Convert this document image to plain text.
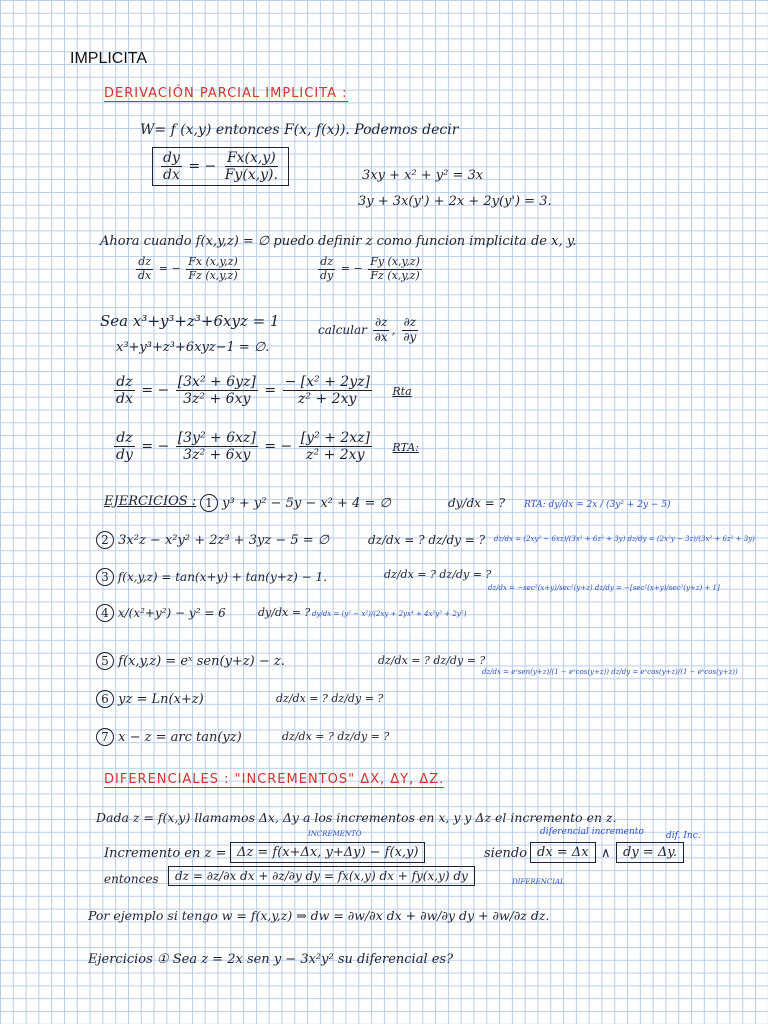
IMPLICITA
DERIVACIÓN PARCIAL IMPLICITA :
W= f (x,y) entonces F(x, f(x)). Podemos decir
$\frac{dy}{dx}$ = − $\frac{Fx(x,y)}{Fy(x,y).}$	3xy + x² + y² = 3x
3y + 3x(y') + 2x + 2y(y') = 3.
Ahora cuando f(x,y,z) = ∅ puedo definir z como funcion implicita de x, y.
$\frac{dz}{dx}$ = − $\frac{Fx (x,y,z)}{Fz (x,y,z)}$	$\frac{dz}{dy}$ = − $\frac{Fy (x,y,z)}{Fz (x,y,z)}$
Sea x³+y³+z³+6xyz = 1	calcular $\frac{\partial z}{\partial x}$ , $\frac{\partial z}{\partial y}$
x³+y³+z³+6xyz−1 = ∅.
$\frac{dz}{dx}$ = − $\frac{\text{[3x² + 6yz]}}{\text{3z² + 6xy}} = \frac{\text{− [x² + 2yz]}}{\text{z² + 2xy}}$ Rta
$\frac{dz}{dy}$ = − $\frac{\text{[3y² + 6xz]}}{\text{3z² + 6xy}}$ = − $\frac{\text{[y² + 2xz]}}{\text{z² + 2xy}}$ RTA:
EJERCICIOS : 1 y³ + y² − 5y − x² + 4 = ∅	dy/dx = ? RTA: dy/dx = 2x / (3y² + 2y − 5)
2 3x²z − x²y² + 2z³ + 3yz − 5 = ∅	dz/dx = ? dz/dy = ? dz/dx = (2xy² − 6xz)/(3x² + 6z² + 3y) dz/dy = (2x²y − 3z)/(3x² + 6z² + 3y)
3 f(x,y,z) = tan(x+y) + tan(y+z) − 1.	dz/dx = ? dz/dy = ?
dz/dx = −sec²(x+y)/sec²(y+z) dz/dy = −[sec²(x+y)/sec²(y+z) + 1]
4 x/(x²+y²) − y² = 6	dy/dx = ? dy/dx = (y² − x²)/(2xy + 2yx⁴ + 4x²y³ + 2y⁵)
5 f(x,y,z) = eˣ sen(y+z) − z.	dz/dx = ? dz/dy = ?
dz/dx = eˣsen(y+z)/(1 − eˣcos(y+z)) dz/dy = eˣcos(y+z)/(1 − eˣcos(y+z))
6 yz = Ln(x+z)	dz/dx = ? dz/dy = ?
7 x − z = arc tan(yz)	dz/dx = ? dz/dy = ?
DIFERENCIALES : "INCREMENTOS" ΔX, ΔY, ΔZ.
Dada z = f(x,y) llamamos Δx, Δy a los incrementos en x, y y Δz el incremento en z.
INCREMENTO	diferencial incremento dif. Inc.
Incremento en z = Δz = f(x+Δx, y+Δy) − f(x,y)	siendo dx = Δx ∧ dy = Δy.
entonces	dz = ∂z/∂x dx + ∂z/∂y dy = fx(x,y) dx + fy(x,y) dy	DIFERENCIAL
Por ejemplo si tengo w = f(x,y,z) ⇒ dw = ∂w/∂x dx + ∂w/∂y dy + ∂w/∂z dz.
Ejercicios ① Sea z = 2x sen y − 3x²y² su diferencial es?
